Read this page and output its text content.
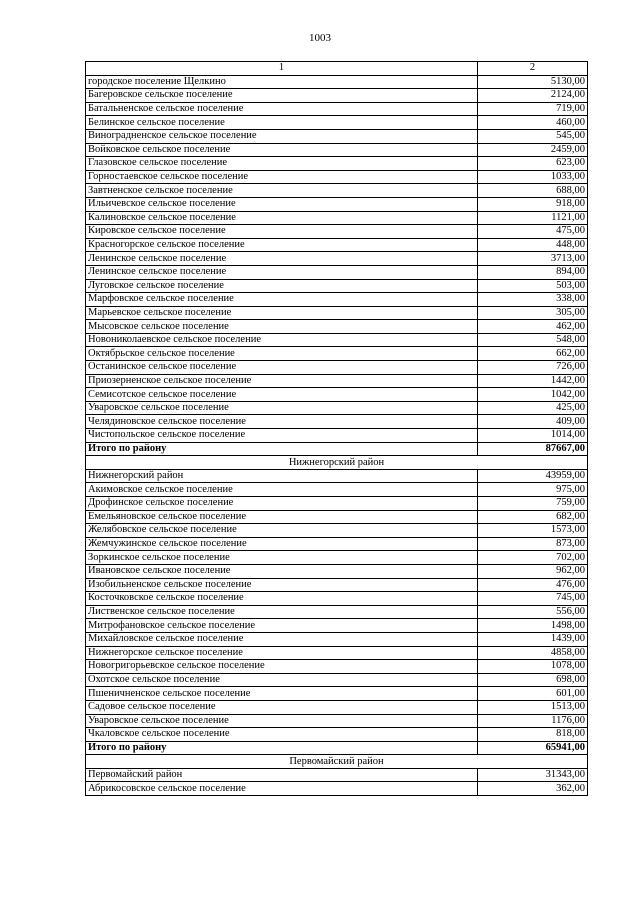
1003
1	2
городское поселение Щелкино	5130,00
Багеровское сельское поселение	2124,00
Батальненское сельское поселение	719,00
Белинское сельское поселение	460,00
Виноградненское сельское поселение	545,00
Войковское сельское поселение	2459,00
Глазовское сельское поселение	623,00
Горностаевское сельское поселение	1033,00
Завтненское сельское поселение	688,00
Ильичевское сельское поселение	918,00
Калиновское сельское поселение	1121,00
Кировское сельское поселение	475,00
Красногорское сельское поселение	448,00
Ленинское сельское поселение	3713,00
Ленинское сельское поселение	894,00
Луговское сельское поселение	503,00
Марфовское сельское поселение	338,00
Марьевское сельское поселение	305,00
Мысовское сельское поселение	462,00
Новониколаевское сельское поселение	548,00
Октябрьское сельское поселение	662,00
Останинское сельское поселение	726,00
Приозерненское сельское поселение	1442,00
Семисотское сельское поселение	1042,00
Уваровское сельское поселение	425,00
Челядиновское сельское поселение	409,00
Чистопольское сельское поселение	1014,00
Итого по району	87667,00
Нижнегорский район	
Нижнегорский район	43959,00
Акимовское сельское поселение	975,00
Дрофинское сельское поселение	759,00
Емельяновское сельское поселение	682,00
Желябовское сельское поселение	1573,00
Жемчужинское сельское поселение	873,00
Зоркинское сельское поселение	702,00
Ивановское сельское поселение	962,00
Изобильненское сельское поселение	476,00
Косточковское сельское поселение	745,00
Лиственское сельское поселение	556,00
Митрофановское сельское поселение	1498,00
Михайловское сельское поселение	1439,00
Нижнегорское сельское поселение	4858,00
Новогригорьевское сельское поселение	1078,00
Охотское сельское поселение	698,00
Пшеничненское сельское поселение	601,00
Садовое сельское поселение	1513,00
Уваровское сельское поселение	1176,00
Чкаловское сельское поселение	818,00
Итого по району	65941,00
Первомайский район	
Первомайский район	31343,00
Абрикосовское сельское поселение	362,00
